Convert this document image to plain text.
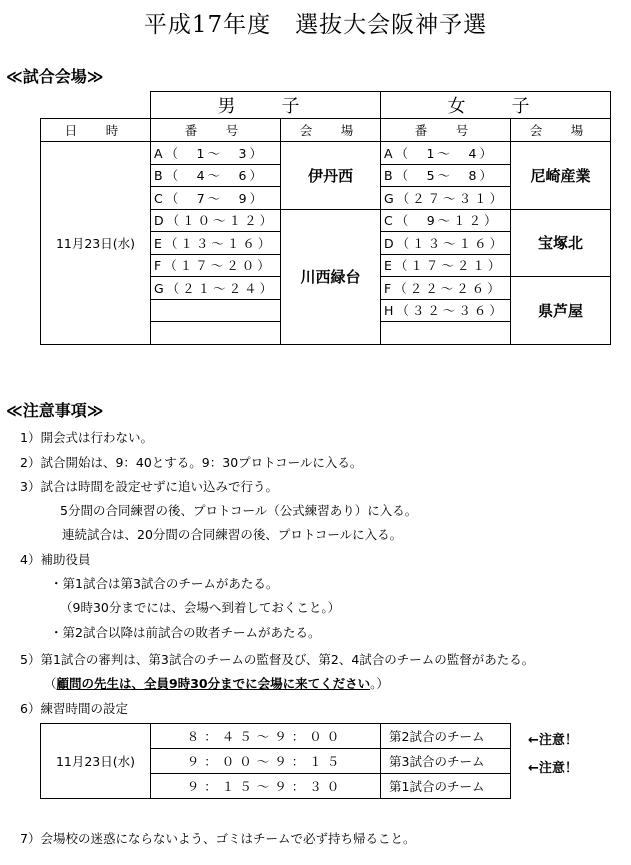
平成17年度　選抜大会阪神予選
≪試合会場≫
	男　子		女　子	
日　時	番　号	会　場	番　号	会　場
11月23日(水)	A（　1〜　3）	伊丹西	A（　1〜　4）	尼崎産業
	B（　4〜　6）		B（　5〜　8）	
	C（　7〜　9）		G（２７〜３１）	
	D（１０〜１２）	川西緑台	C（　9〜１２）	宝塚北
	E（１３〜１６）		D（１３〜１６）	
	F（１７〜２０）		E（１７〜２１）	
	G（２１〜２４）		F（２２〜２６）	県芦屋
			H（３２〜３６）	

≪注意事項≫
1）開会式は行わない。
2）試合開始は、9：40とする。9：30プロトコールに入る。
3）試合は時間を設定せずに追い込みで行う。
5分間の合同練習の後、プロトコール（公式練習あり）に入る。
連続試合は、20分間の合同練習の後、プロトコールに入る。
4）補助役員
・第1試合は第3試合のチームがあたる。
（9時30分までには、会場へ到着しておくこと。）
・第2試合以降は前試合の敗者チームがあたる。
5）第1試合の審判は、第3試合のチームの監督及び、第2、4試合のチームの監督があたる。
（顧問の先生は、全員9時30分までに会場に来てください。）
6）練習時間の設定
11月23日(水)	８：４５〜９：００	第2試合のチーム
	９：００〜９：１５	第3試合のチーム
	９：１５〜９：３０	第1試合のチーム
←注意！
←注意！
7）会場校の迷惑にならないよう、ゴミはチームで必ず持ち帰ること。
